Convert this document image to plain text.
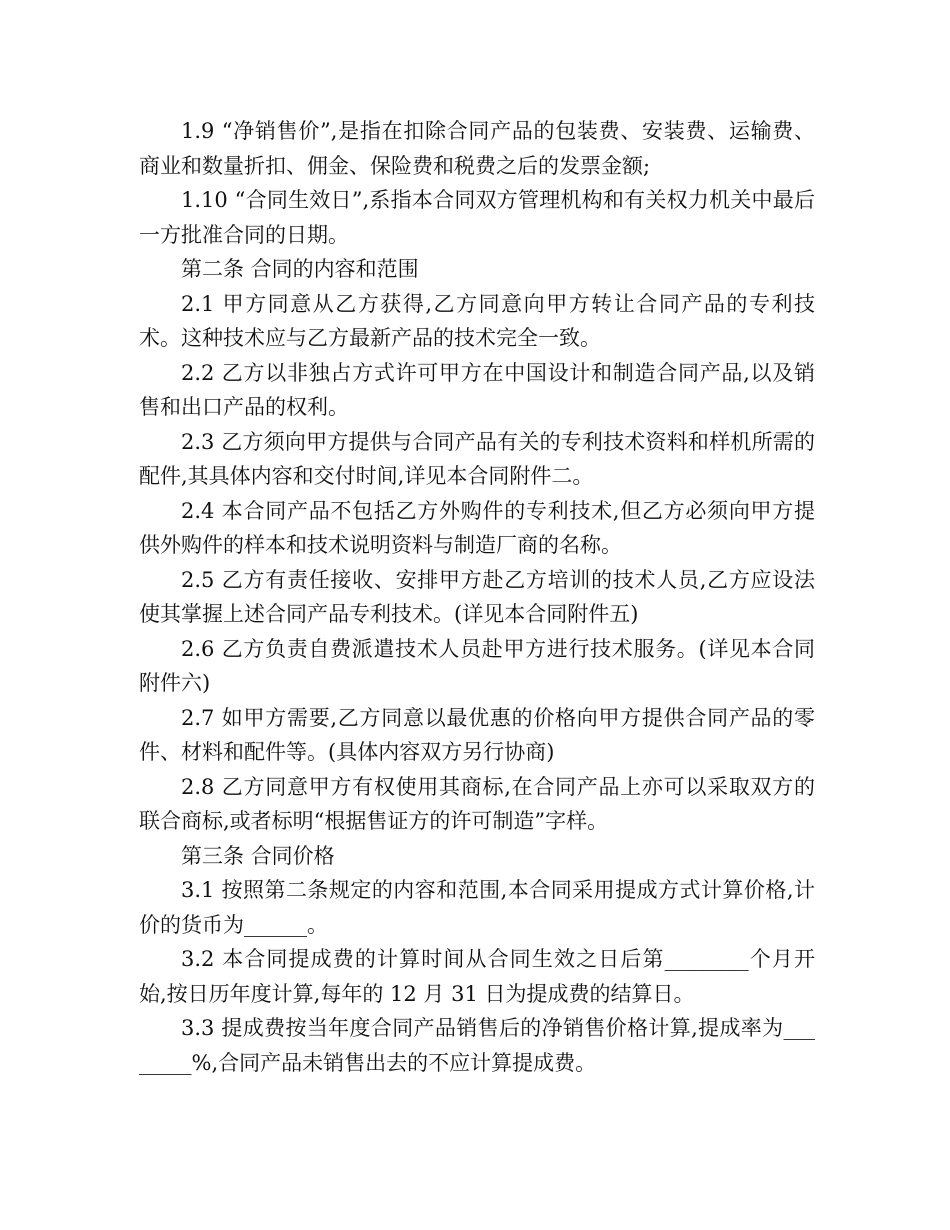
1.9 “净销售价”,是指在扣除合同产品的包装费、安装费、运输费、商业和数量折扣、佣金、保险费和税费之后的发票金额;

1.10 “合同生效日”,系指本合同双方管理机构和有关权力机关中最后一方批准合同的日期。

第二条 合同的内容和范围

2.1 甲方同意从乙方获得,乙方同意向甲方转让合同产品的专利技术。这种技术应与乙方最新产品的技术完全一致。

2.2 乙方以非独占方式许可甲方在中国设计和制造合同产品,以及销售和出口产品的权利。

2.3 乙方须向甲方提供与合同产品有关的专利技术资料和样机所需的配件,其具体内容和交付时间,详见本合同附件二。

2.4 本合同产品不包括乙方外购件的专利技术,但乙方必须向甲方提供外购件的样本和技术说明资料与制造厂商的名称。

2.5 乙方有责任接收、安排甲方赴乙方培训的技术人员,乙方应设法使其掌握上述合同产品专利技术。(详见本合同附件五)

2.6 乙方负责自费派遣技术人员赴甲方进行技术服务。(详见本合同附件六)

2.7 如甲方需要,乙方同意以最优惠的价格向甲方提供合同产品的零件、材料和配件等。(具体内容双方另行协商)

2.8 乙方同意甲方有权使用其商标,在合同产品上亦可以采取双方的联合商标,或者标明“根据售证方的许可制造”字样。

第三条 合同价格

3.1 按照第二条规定的内容和范围,本合同采用提成方式计算价格,计价的货币为______。

3.2 本合同提成费的计算时间从合同生效之日后第________个月开始,按日历年度计算,每年的 12 月 31 日为提成费的结算日。

3.3 提成费按当年度合同产品销售后的净销售价格计算,提成率为________%,合同产品未销售出去的不应计算提成费。
